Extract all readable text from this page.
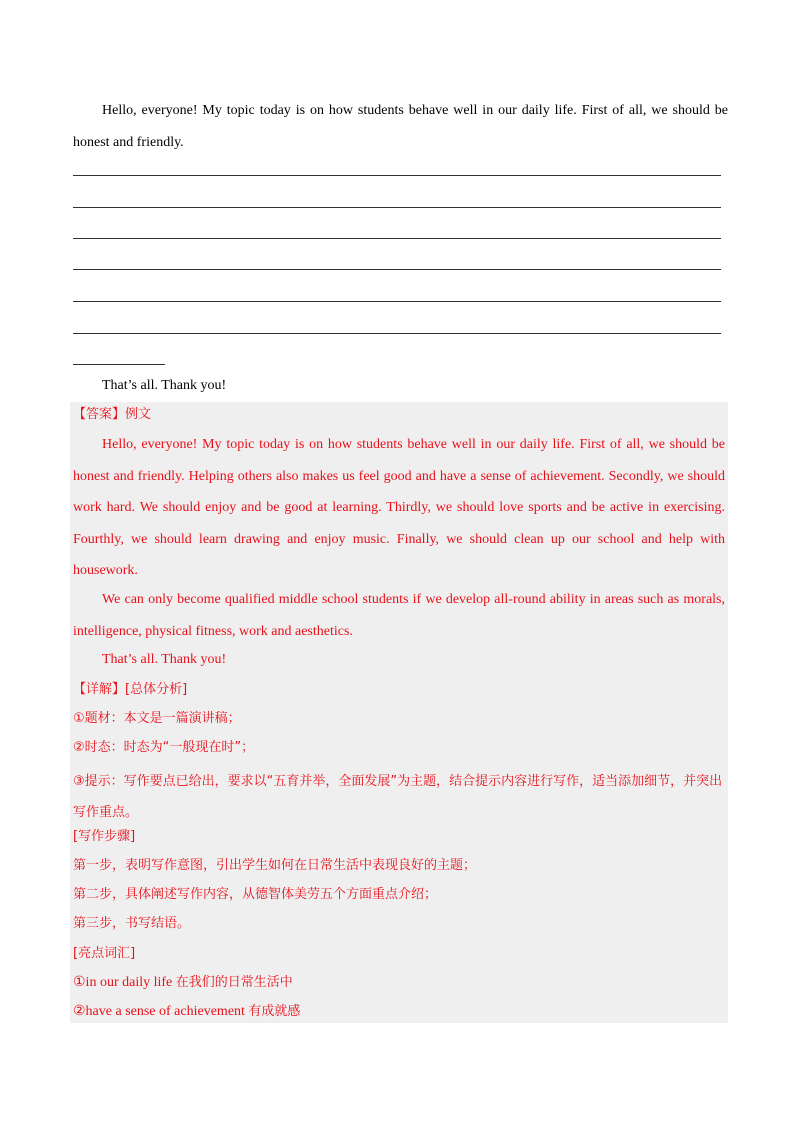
Hello, everyone! My topic today is on how students behave well in our daily life. First of all, we should be honest and friendly.

That’s all. Thank you!
【答案】例文

Hello, everyone! My topic today is on how students behave well in our daily life. First of all, we should be honest and friendly. Helping others also makes us feel good and have a sense of achievement. Secondly, we should work hard. We should enjoy and be good at learning. Thirdly, we should love sports and be active in exercising. Fourthly, we should learn drawing and enjoy music. Finally, we should clean up our school and help with housework.

We can only become qualified middle school students if we develop all-round ability in areas such as morals, intelligence, physical fitness, work and aesthetics.

That’s all. Thank you!
【详解】[总体分析]
①题材：本文是一篇演讲稿；
②时态：时态为“一般现在时”；
③提示：写作要点已给出，要求以“五育并举，全面发展”为主题，结合提示内容进行写作，适当添加细节，并突出写作重点。
[写作步骤]
第一步，表明写作意图，引出学生如何在日常生活中表现良好的主题；
第二步，具体阐述写作内容，从德智体美劳五个方面重点介绍；
第三步，书写结语。
[亮点词汇]
①in our daily life 在我们的日常生活中
②have a sense of achievement 有成就感
